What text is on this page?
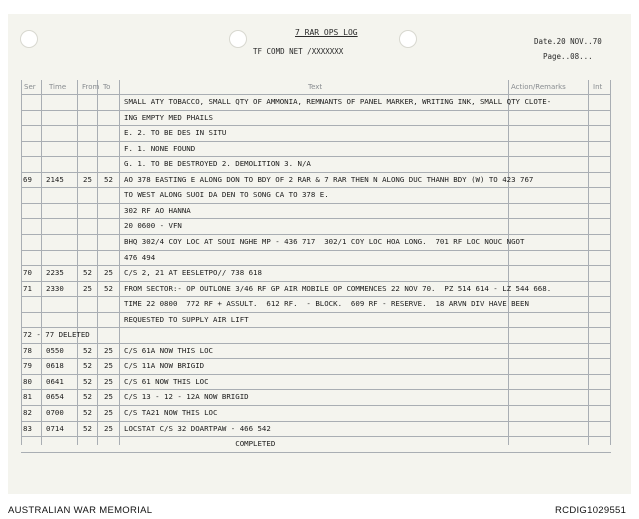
7 RAR OPS LOG
TF COMD NET /XXXXXXX
Date.20 NOV..70
Page..08...
Ser Time From To	Text	Action/Remarks	Int
SMALL ATY TOBACCO, SMALL QTY OF AMMONIA, REMNANTS OF PANEL MARKER, WRITING INK, SMALL QTY CLOTE-
ING EMPTY MED PHAILS
E. 2. TO BE DES IN SITU
F. 1. NONE FOUND
G. 1. TO BE DESTROYED 2. DEMOLITION 3. N/A
69 2145	25 52 AO 378 EASTING E ALONG DON TO BDY OF 2 RAR & 7 RAR THEN N ALONG DUC THANH BDY (W) TO 423 767
TO WEST ALONG SUOI DA DEN TO SONG CA TO 378 E.
302 RF AO HANNA
20 0600 - VFN
BHQ 302/4 COY LOC AT SOUI NGHE MP - 436 717  302/1 COY LOC HOA LONG.  701 RF LOC NOUC NGOT
476 494
70 2235	52 25 C/S 2, 21 AT EESLETPO// 738 618
71 2330	25 52 FROM SECTOR:- OP OUTLONE 3/46 RF GP AIR MOBILE OP COMMENCES 22 NOV 70.  PZ 514 614 - LZ 544 668.
TIME 22 0800  772 RF + ASSULT.  612 RF.  - BLOCK.  609 RF - RESERVE.  18 ARVN DIV HAVE BEEN
REQUESTED TO SUPPLY AIR LIFT
72 - 77 DELETED
78 0550	52 25 C/S 61A NOW THIS LOC
79 0618	52 25 C/S 11A NOW BRIGID
80 0641	52 25 C/S 61 NOW THIS LOC
81 0654	52 25 C/S 13 - 12 - 12A NOW BRIGID
82 0700	52 25 C/S TA21 NOW THIS LOC
83 0714	52 25 LOCSTAT C/S 32 DOARTPAW - 466 542
COMPLETED
AUSTRALIAN WAR MEMORIAL	RCDIG1029551
